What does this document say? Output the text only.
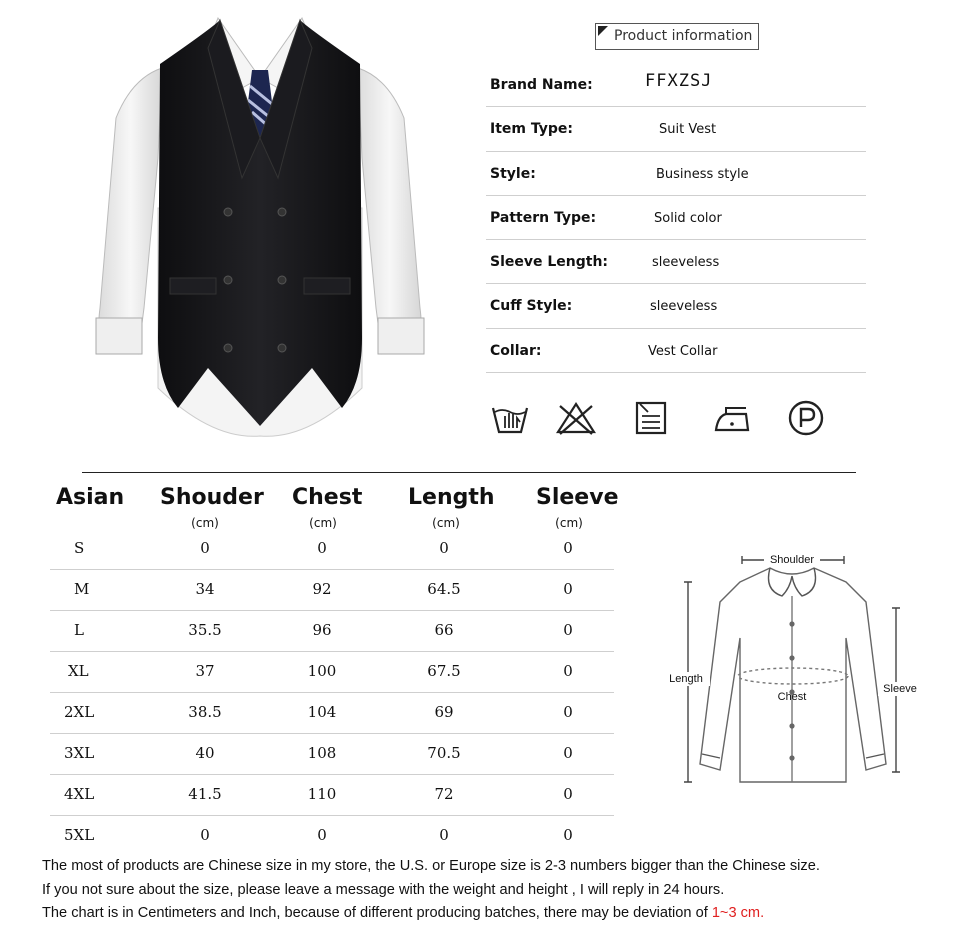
Product information
Brand Name:	FFXZSJ
Item Type:	Suit Vest
Style:	Business style
Pattern Type:	Solid color
Sleeve Length:	sleeveless
Cuff Style:	sleeveless
Collar:	Vest Collar
Asian Shouder Chest Length Sleeve
(cm)	(cm)	(cm)	(cm)
S	0	0	0	0
M	34	92	64.5	0
L	35.5	96	66	0
XL	37	100	67.5	0
2XL	38.5	104	69	0
3XL	40	108	70.5	0
4XL	41.5	110	72	0
5XL	0	0	0	0
Shoulder
Length
Chest
Sleeve
The most of products are Chinese size in my store, the U.S. or Europe size is 2-3 numbers bigger than the Chinese size.
If you not sure about the size, please leave a message with the weight and height , I will reply in 24 hours.
The chart is in Centimeters and Inch, because of different producing batches, there may be deviation of 1~3 cm.
